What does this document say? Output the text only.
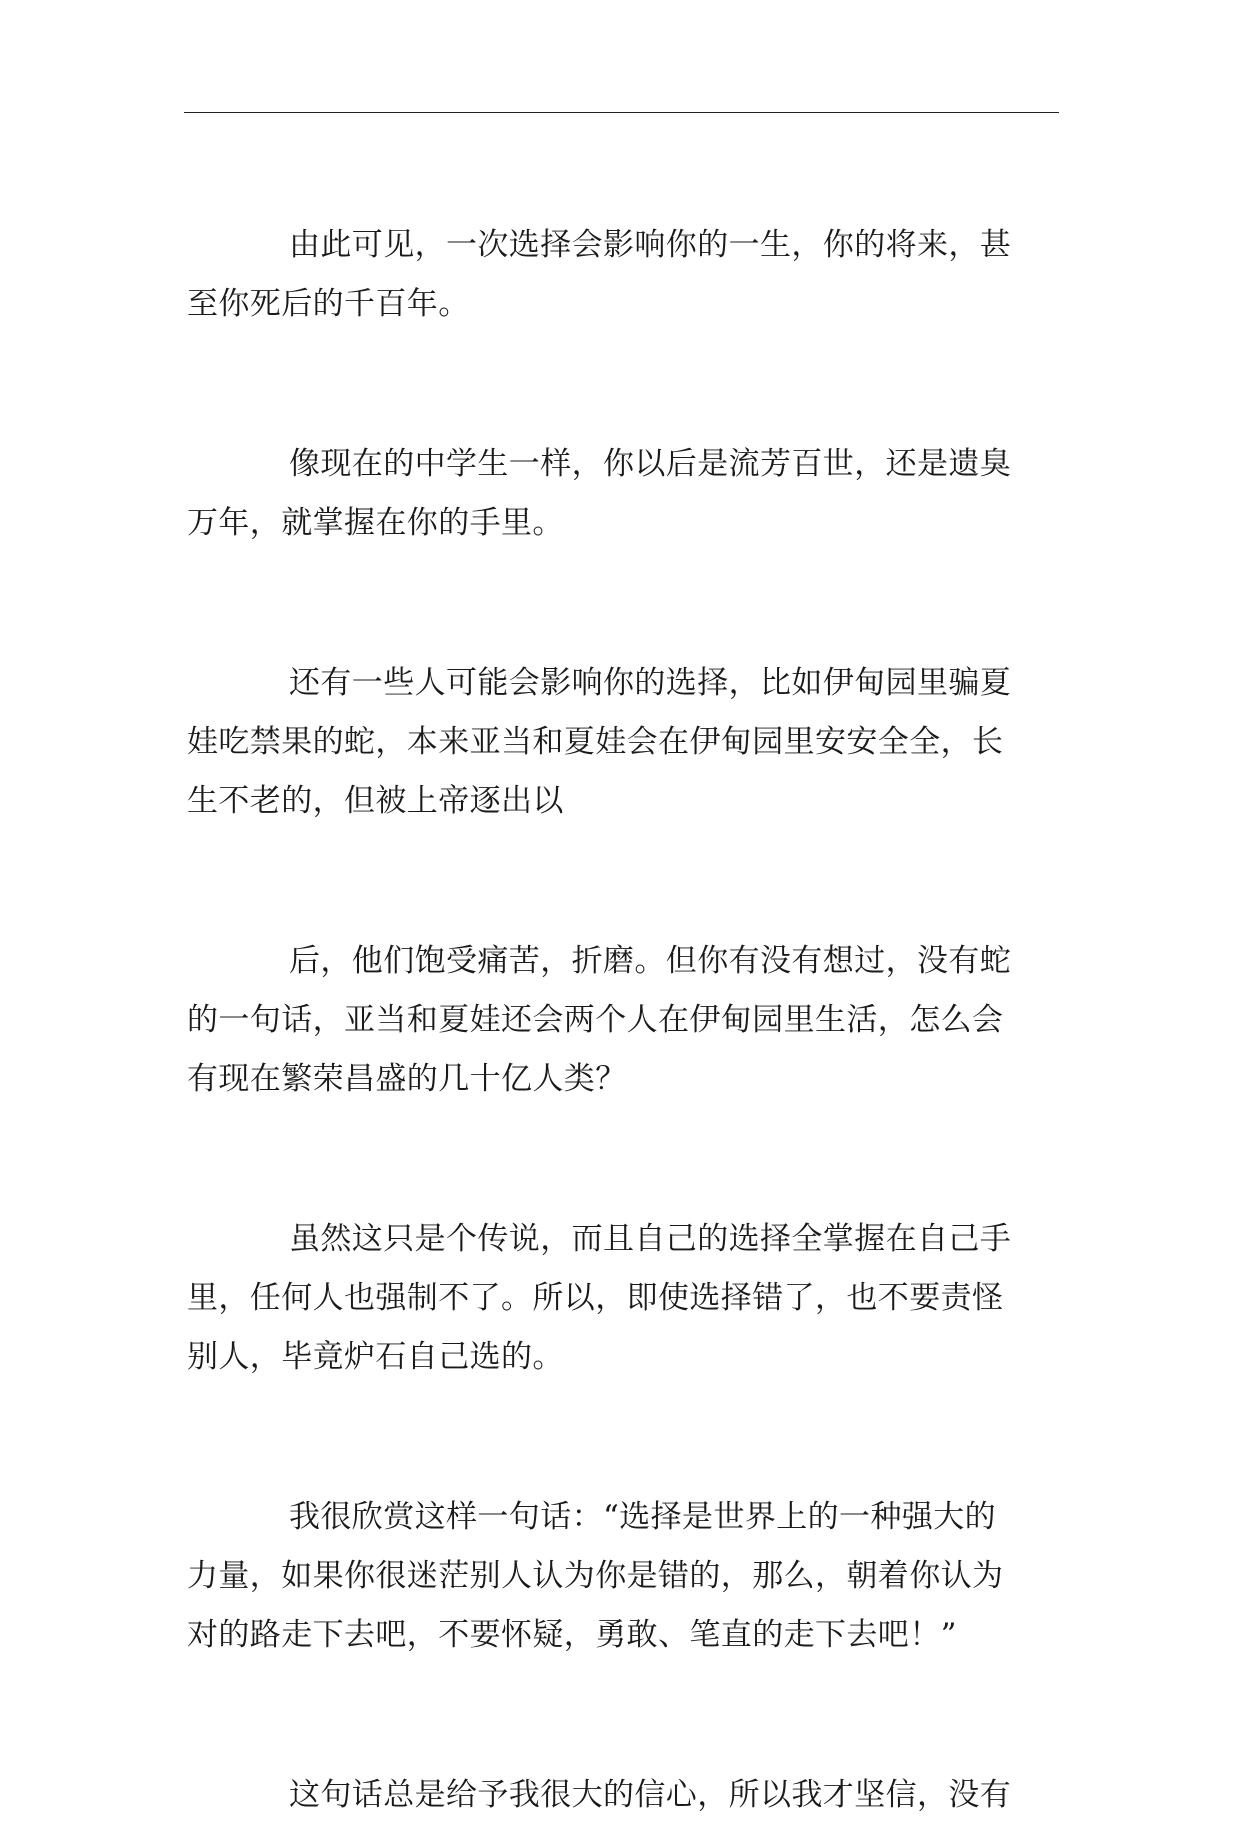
由此可见，一次选择会影响你的一生，你的将来，甚
至你死后的千百年。
像现在的中学生一样，你以后是流芳百世，还是遗臭
万年，就掌握在你的手里。
还有一些人可能会影响你的选择，比如伊甸园里骗夏
娃吃禁果的蛇，本来亚当和夏娃会在伊甸园里安安全全，长
生不老的，但被上帝逐出以
后，他们饱受痛苦，折磨。但你有没有想过，没有蛇
的一句话，亚当和夏娃还会两个人在伊甸园里生活，怎么会
有现在繁荣昌盛的几十亿人类？
虽然这只是个传说，而且自己的选择全掌握在自己手
里，任何人也强制不了。所以，即使选择错了，也不要责怪
别人，毕竟炉石自己选的。
我很欣赏这样一句话：“选择是世界上的一种强大的
力量，如果你很迷茫别人认为你是错的，那么，朝着你认为
对的路走下去吧，不要怀疑，勇敢、笔直的走下去吧！”
这句话总是给予我很大的信心，所以我才坚信，没有
